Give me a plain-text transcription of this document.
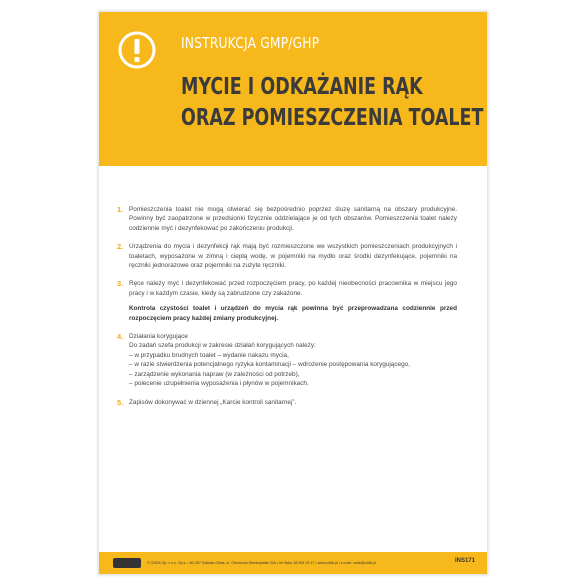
INSTRUKCJA GMP/GHP
MYCIE I ODKAŻANIE RĄK
ORAZ POMIESZCZENIA TOALET
1. Pomieszczenia toalet nie mogą otwierać się bezpośrednio poprzez śluzę sanitarną na obszary produkcyjne. Powinny być zaopatrzone w przedsionki fizycznie oddzielające je od tych obszarów. Pomieszczenia toalet należy codziennie myć i dezynfekować po zakończeniu produkcji.
2. Urządzenia do mycia i dezynfekcji rąk mają być rozmieszczone we wszystkich pomieszczeniach produkcyjnych i toaletach, wyposażone w zimną i ciepłą wodę, w pojemniki na mydło oraz środki dezynfekujące, pojemniki na ręczniki jednorazowe oraz pojemniki na zużyte ręczniki.
3. Ręce należy myć i dezynfekować przed rozpoczęciem pracy, po każdej nieobecności pracownika w miejscu jego pracy i w każdym czasie, kiedy są zabrudzone czy zakażone.
Kontrola czystości toalet i urządzeń do mycia rąk powinna być przeprowadzana codziennie przed rozpoczęciem pracy każdej zmiany produkcyjnej.
4. Działania korygujące
Do zadań szefa produkcji w zakresie działań korygujących należy:
– w przypadku brudnych toalet – wydanie nakazu mycia,
– w razie stwierdzenia potencjalnego ryzyka kontaminacji – wdrożenie postępowania korygującego,
– zarządzenie wykonania napraw (w zależności od potrzeb),
– polecenie uzupełnienia wyposażenia i płynów w pojemnikach.
5. Zapisów dokonywać w dziennej „Karcie kontroli sanitarnej”.
© ODDK Sp. z o.o. Sp.k. • 80-357 Gdańsk-Oliwa, ul. Obrońców Westerplatte 32A • tel./faks: 58 554 29 17 • www.oddk.pl • e-mail: oddk@oddk.pl	INS171
